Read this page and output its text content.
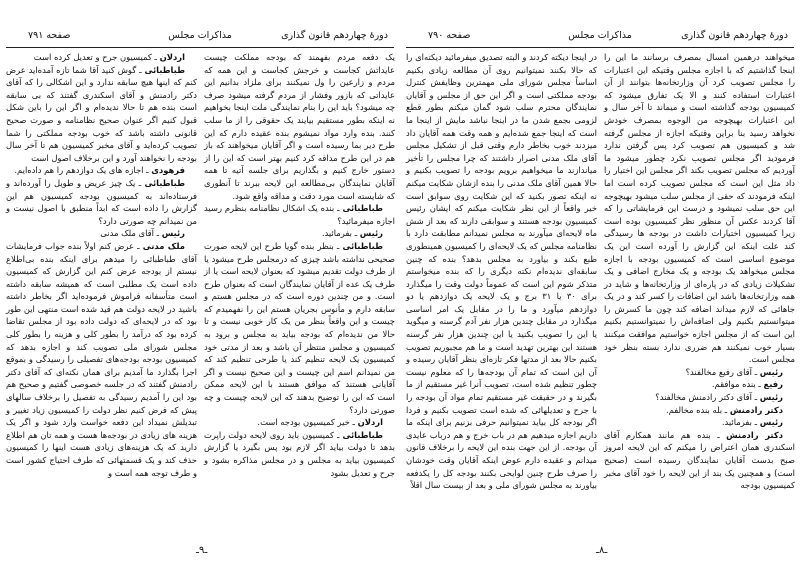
دورهٔ چهاردهم قانون گذاری
مذاکرات مجلس
صفحه ۷۹۱

یک دفعه مردم بفهمند که بودجه مملکت چیست عایداتش کجاست و خرجش کجاست و این همه که مردم و زارعین را ول نمیکنند برای ملزاد بدانیم این عایداتی که بازور وفشار از مردم گرفته میشود صرف چه میشود؟ باید این را بنام نمایندگی ملت اینجا بخواهیم نه اینکه بطور مستقیم بیایند یک حقوقی را از ما سلب کنند. بنده وارد مواد نمیشوم بنده عقیده دارم که این طرح دیر بما رسیده است و اگر آقایان میخواهند که باز هم در این طرح مداقه کرد کنیم بهتر است که این را از دستور خارج کنیم و بگذاریم برای جلسه آتیه تا همه آقایان نمایندگان بی‌مطالعه این لایحه ببرند تا آنطوری که شایسته است مورد دقت و مداقه واقع شود.

طباطبائی ـ بنده یک اشکال نظامنامه بنظرم رسید اجازه میفرمائید؟

رئیس ـ بفرمائید.

طباطبائی ـ بنظر بنده گویا طرح این لایحه صورت صحیحی نداشته باشد چیزی که درمجلس طرح میشود یا از طرف دولت تقدیم میشود که بعنوان لایحه است یا از طرف یک عده از آقایان نمایندگان است که بعنوان طرح است. و من چندین دوره است که در مجلس هستم و سابقه دارم و مأنوس بجریان هستم این را نفهمیدم که چیست و این واقعاً بنظر من یک کار خوبی نیست و تا حالا من ندیده‌ام که بودجه بیاید به مجلس و برود به کمیسیون و مجلس منتظر آن باشد و بعد از مدتی خود کمیسیون یک لایحه تنظیم کند یا طرحی تنظیم کند که من نمیدانم اسم این چیست و این صحیح نیست و اگر آقایانی هستند که موافق هستند با این لایحه ممکن است که این را توضیح بدهند که این لایحه چیست و چه صورتی دارد؟

اردلان ـ خیر کمیسیون بودجه است.

طباطبائی ـ کمیسیون باید روی لایحه دولت راپرت بدهد تا دولت بیاید اگر لازم بود پس بگیرد یا گزارش کمیسیون بیاید به مجلس و در مجلس مذاکره بشود و جرح و تعدیل بشود

اردلان ـ کمیسیون جرح و تعدیل کرده است

طباطبائی ـ گوش کنید آقا شما تازه آمده‌اید عرض کنم که اینها هیچ سابقه ندارد و این اشکالی را که آقای دکتر رادمنش و آقای اسکندری گفتند که بی سابقه است بنده هم تا حالا ندیده‌ام و اگر این را باین شکل قبول کنیم اگر عنوان صحیح نظامنامه و صورت صحیح قانونی داشته باشد که خوب بودجه مملکتی را شما تصویب کرده‌اید و آقای مخبر کمیسیون هم تا آخر سال بودجه را نخواهند آورد و این برخلاف اصول است

فرهودی ـ اجازه های یک دوازدهم را هم داده‌ایم.

طباطبائی ـ یک چیز عریض و طویل را آورده‌اند و فرستاده‌اند به کمیسیون بودجه کمیسیون هم این گزارش را داده است که ابداً منطبق با اصول نیست و من نمیدانم چه صورتی دارد؟

رئیس ـ آقای ملک مدنی

ملک مدنی ـ عرض کنم اولاً بنده جواب فرمایشات آقای طباطبائی را میدهم برای اینکه بنده بی‌اطلاع نیستم از بودجه عرض کنم این گزارش که کمیسیون داده است یک مطلبی است که همیشه سابقه داشته است متأسفانه فراموش فرموده‌اید اگر بخاطر داشته باشید در لایحه دولت هم قید شده است منتهی این طور بود که در لایحه‌ای که دولت داده بود از مجلس تقاضا کرده بود که درآمد را بطور کلی و هزینه را بطور کلی مجلس شورای ملی تصویب کند و اجازه بدهد که کمیسیون بودجه بودجه‌های تفصیلی را رسیدگی و بموقع اجرا بگذارد ما آمدیم برای همان نکته‌ای که آقای دکتر رادمنش گفتند که در جلسه خصوصی گفتیم و صحیح هم بود این را آمدیم رسیدگی به تفصیل را برخلاف سالهای پیش که فرض کنیم نظر دولت را کمیسیون زیاد تغییر و تبدیلش نمیداد این دفعه خواست وارد شود و اگر یک هزینه های زیادی در بودجه‌ها هست و همه تان هم اطلاع دارید که یک هزینه‌های زیادی هست اینها را کمیسیون حذف کند و یک قسمتهائی که طرف احتیاج کشور است و طرف توجه همه است و

ـ۹ـ
دورهٔ چهاردهم قانون گذاری
مذاکرات مجلس
صفحه ۷۹۰

میخواهند درهمین امسال بمصرف برسانند ما این را اینجا گذاشتیم که با اجازه مجلس وقتیکه این اعتبارات را مجلس تصویب کرد آن وزارتخانه‌ها بتوانند از آن اعتبارات استفاده کنند و الا یک تفارق میشود که کمیسیون بودجه گذاشته است و میماند تا آخر سال و این اعتبارات بهیچوجه من الوجوه بمصرف خودش نخواهد رسید بنا براین وقتیکه اجازه از مجلس گرفته شد و کمیسیون هم تصویب کرد پس گرفتن ندارد فرمودید اگر مجلس تصویب نکرد چطور میشود ما آوردیم که مجلس تصویب بکند اگر مجلس این اختیار را داد مثل این است که مجلس تصویب کرده است اما اینکه فرمودند که حقی از مجلس سلب میشود بهیچوجه این حق سلب نمیشود و درست این فرمایشاتی را که آقا کردند عکس آن منظور نظر کمیسیون بوده است زیرا کمیسیون اختیارات داشت در بودجه ها رسیدگی کند علت اینکه این گزارش را آورده است این یک موضوع اساسی است که کمیسیون بودجه با اجازه مجلس میخواهد یک بودجه و یک مخارج اضافی و یک تشکیلات زیادی که در پاره‌ای از وزارتخانه‌ها و شاید در همه وزارتخانه‌ها باشد این اضافات را کسر کند و در یک جاهائی که لازم میداند اضافه کند چون ما کسرش را میتوانستیم بکنیم ولی اضافه‌اش را نمیتوانستیم بکنیم این است که از مجلس اجازه خواستیم موافقت میکنند بسیار خوب نمیکنند هم ضرری ندارد بسته بنظر خود مجلس است.

رئیس ـ آقای رفیع مخالفند؟

رفیع ـ بنده موافقم.

رئیس ـ آقای دکتر رادمنش مخالفند؟

دکتر رادمنش ـ بله بنده مخالفم.

رئیس ـ بفرمائید.

دکتر رادمنش ـ بنده هم مانند همکارم آقای اسکندری همان اعتراض را میکنم که این لایحه امروز صبح بدست آقایان نمایندگان رسیده است (صحیح است) و همچنین یک بند از این لایحه را خود آقای مخبر کمیسیون بودجه

در اینجا دیکته کردند و البته تصدیق میفرمائید دیکته‌ای را که حالا بکنند نمیتوانیم روی آن مطالعه زیادی بکنیم اساساً مجلس شورای ملی مهمترین وظایفش کنترل بودجه مملکتی است و اگر این حق از مجلس و آقایان نمایندگان محترم سلب شود گمان میکنم بطور قطع لزومی بجمع شدن ما در اینجا نباشد مایش از اینجا ما است که اینجا جمع شده‌ایم و همه وقت همه آقایان داد میزدند خوب بخاطر دارم وقتی قبل از تشکیل مجلس آقای ملک مدنی اصرار داشتند که چرا مجلس را تأخیر میاندازند ما میخواهیم برویم بودجه را تصویب بکنیم و حالا همین آقای ملک مدنی را بنده ازشان شکایت میکنم نه اینکه تصور بکنید که این شکایت روی سوابق است خیر واقعاً از این نظر شکایت میکنم که ایشان رئیس کمیسیون بودجه هستند و سوابقی دارند که بعد از شش ماه لایحه‌ای میآورند به مجلس نمیدانم مطابقت دارد با نظامنامه مجلس که یک لایحه‌ای را کمیسیون همینطوری طبع بکند و بیاورد به مجلس بدهد؟ بنده که چنین سابقه‌ای ندیده‌ام نکته دیگری را که بنده میخواستم متذکر شوم این است که عموماً دولت وقت را میگذارد برای ۳۰ یا ۳۱ برج و یک لایحه یک دوازدهم یا دو دوازدهم میآورد و ما را در مقابل یک امر اساسی میگذارد در مقابل چندین هزار نفر آدم گرسنه و میگوید یا این را تصویب بکنید یا این چندین هزار نفر گرسنه هستند این بهترین تهدید است و ما هم مجبوریم تصویب بکنیم حالا بعد از مدتها فکر تازه‌ای بنظر آقایان رسیده و آن این است که تمام آن بودجه‌ها را که معلوم نیست چطور تنظیم شده است، تصویب آنرا غیر مستقیم از ما بگیرند و در حقیقت غیر مستقیم تمام مواد آن بودجه را با جرح و تعدیلهائی که شده است تصویب بکنیم و فردا اگر بودجه کل بیاید نمیتوانیم حرفی بزنیم برای اینکه ما داریم اجازه میدهیم هم در باب خرج و هم درباب عایدی آن بودجه. از این جهت بنده این لایحه را برخلاف قانون میدانم و عقیده دارم عوض اینکه آقایان وقت خودشان را صرف طرح چنین لوایحی بکنند بودجه کل را یکدفعه بیاورند به مجلس شورای ملی و بعد از بیست سال اقلاً

ـ۸ـ
